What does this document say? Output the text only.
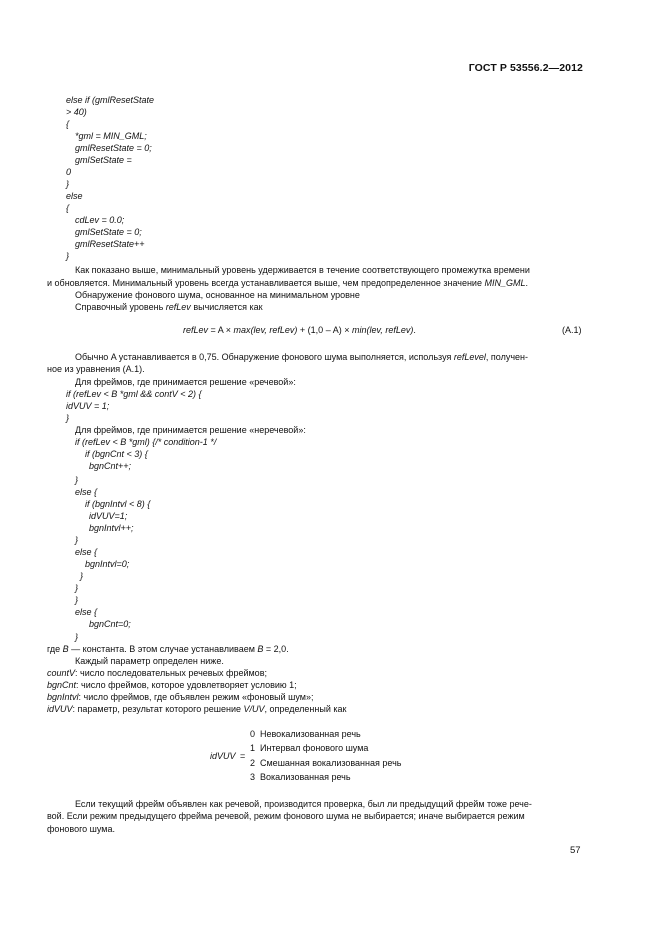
ГОСТ Р 53556.2—2012
else if (gmlResetState
> 40)
{
*gml = MIN_GML;
gmlResetState = 0;
gmlSetState =
0
}
else
{
cdLev = 0.0;
gmlSetState = 0;
gmlResetState++
}
Как показано выше, минимальный уровень удерживается в течение соответствующего промежутка времени
и обновляется. Минимальный уровень всегда устанавливается выше, чем предопределенное значение MIN_GML.
Обнаружение фонового шума, основанное на минимальном уровне
Справочный уровень refLev вычисляется как
refLev = A × max(lev, refLev) + (1,0 – A) × min(lev, refLev).	(A.1)
Обычно A устанавливается в 0,75. Обнаружение фонового шума выполняется, используя refLevel, получен-
ное из уравнения (A.1).
Для фреймов, где принимается решение «речевой»:
if (refLev < B *gml && contV < 2) {
idVUV = 1;
}
Для фреймов, где принимается решение «неречевой»:
if (refLev < B *gml) {/* condition-1 */
if (bgnCnt < 3) {
bgnCnt++;
}
else {
if (bgnIntvl < 8) {
idVUV=1;
bgnIntvl++;
}
else {
bgnIntvl=0;
}
}
}
else {
bgnCnt=0;
}
где B — константа. В этом случае устанавливаем B = 2,0.
Каждый параметр определен ниже.
countV: число последовательных речевых фреймов;
bgnCnt: число фреймов, которое удовлетворяет условию 1;
bgnIntvl: число фреймов, где объявлен режим «фоновый шум»;
idVUV: параметр, результат которого решение V/UV, определенный как
idVUV =
0 Невокализованная речь
1 Интервал фонового шума
2 Смешанная вокализованная речь
3 Вокализованная речь
Если текущий фрейм объявлен как речевой, производится проверка, был ли предыдущий фрейм тоже рече-
вой. Если режим предыдущего фрейма речевой, режим фонового шума не выбирается; иначе выбирается режим
фонового шума.
57
